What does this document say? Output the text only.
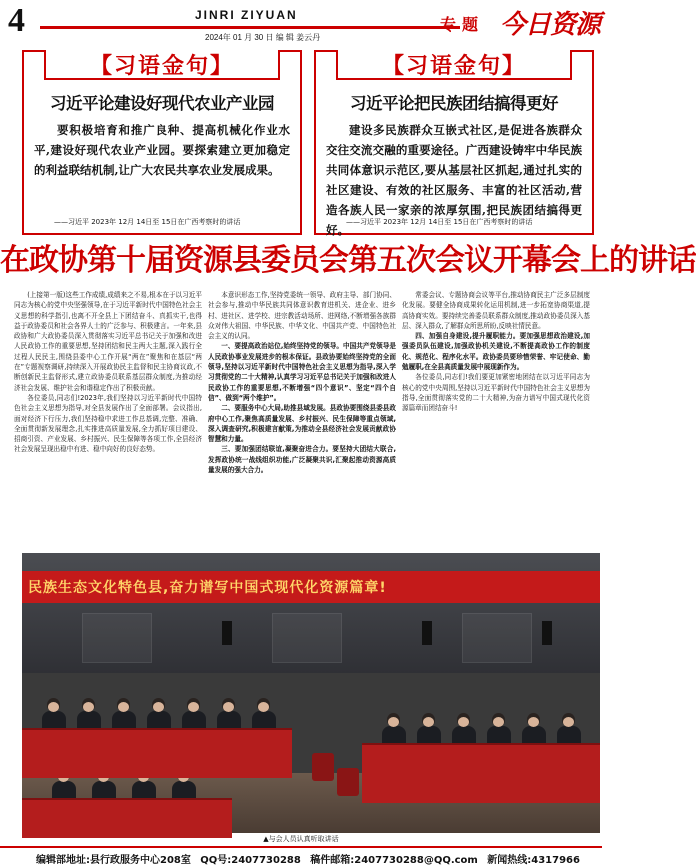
4	JINRI ZIYUAN
2024年 01 月 30 日 编 辑 姜云丹
专题 今日资源
【习语金句】
习近平论建设好现代农业产业园
要积极培育和推广良种、提高机械化作业水平,建设好现代农业产业园。要探索建立更加稳定的利益联结机制,让广大农民共享农业发展成果。
——习近平 2023年 12月 14日至 15日在广西考察时的讲话
【习语金句】
习近平论把民族团结搞得更好
建设多民族群众互嵌式社区,是促进各族群众交往交流交融的重要途径。广西建设铸牢中华民族共同体意识示范区,要从基层社区抓起,通过扎实的社区建设、有效的社区服务、丰富的社区活动,营造各族人民一家亲的浓厚氛围,把民族团结搞得更好。
——习近平 2023年 12月 14日至 15日在广西考察时的讲话
在政协第十届资源县委员会第五次会议开幕会上的讲话

(上接第一版)这些工作成绩,成绩来之不易,根本在于以习近平同志为核心的党中央坚强领导,在于习近平新时代中国特色社会主义思想的科学指引,也离不开全县上下团结奋斗、真抓实干,也得益于政协委员和社会各界人士的广泛参与、积极建言。一年来,县政协和广大政协委员深入贯彻落实习近平总书记关于加强和改进人民政协工作的重要思想,坚持团结和民主两大主题,深入践行全过程人民民主,围绕县委中心工作开展“两在”聚焦和在基层“两在”专题视察调研,持续深入开展政协民主监督和民主协商议政,不断创新民主监督形式,建立政协委员联系基层群众制度,为推动经济社会发展、维护社会和谐稳定作出了积极贡献。

各位委员,同志们!2023年,我们坚持以习近平新时代中国特色社会主义思想为指导,对全县发展作出了全面部署。会议指出,面对经济下行压力,我们坚持稳中求进工作总基调,完整、准确、全面贯彻新发展理念,扎实推进高质量发展,全力抓好项目建设、招商引资、产业发展、乡村振兴、民生保障等各项工作,全县经济社会发展呈现出稳中有进、稳中向好的良好态势。

本意识形态工作,坚持党委统一领导、政府主导、部门协同、社会参与,推动中华民族共同体意识教育进机关、进企业、进乡村、进社区、进学校、进宗教活动场所、进网络,不断增强各族群众对伟大祖国、中华民族、中华文化、中国共产党、中国特色社会主义的认同。

一、要提高政治站位,始终坚持党的领导。中国共产党领导是人民政协事业发展进步的根本保证。县政协要始终坚持党的全面领导,坚持以习近平新时代中国特色社会主义思想为指导,深入学习贯彻党的二十大精神,认真学习习近平总书记关于加强和改进人民政协工作的重要思想,不断增强“四个意识”、坚定“四个自信”、做到“两个维护”。

二、要服务中心大局,助推县域发展。县政协要围绕县委县政府中心工作,聚焦高质量发展、乡村振兴、民生保障等重点领域,深入调查研究,积极建言献策,为推动全县经济社会发展贡献政协智慧和力量。

三、要加强团结联谊,凝聚奋进合力。要坚持大团结大联合,发挥政协统一战线组织功能,广泛凝聚共识,汇聚起推动资源高质量发展的强大合力。

常委会议、专题协商会议等平台,推动协商民主广泛多层制度化发展。要健全协商成果转化运用机制,进一步拓宽协商渠道,提高协商实效。要持续完善委员联系群众制度,推动政协委员深入基层、深入群众,了解群众所思所盼,反映社情民意。

四、加强自身建设,提升履职能力。要加强思想政治建设,加强委员队伍建设,加强政协机关建设,不断提高政协工作的制度化、规范化、程序化水平。政协委员要珍惜荣誉、牢记使命、勤勉履职,在全县高质量发展中展现新作为。

各位委员,同志们!我们要更加紧密地团结在以习近平同志为核心的党中央周围,坚持以习近平新时代中国特色社会主义思想为指导,全面贯彻落实党的二十大精神,为奋力谱写中国式现代化资源篇章而团结奋斗!

民族生态文化特色县,奋力谱写中国式现代化资源篇章!
▲与会人员认真听取讲话
编辑部地址:县行政服务中心208室 QQ号:2407730288 稿件邮箱:2407730288@QQ.com 新闻热线:4317966
